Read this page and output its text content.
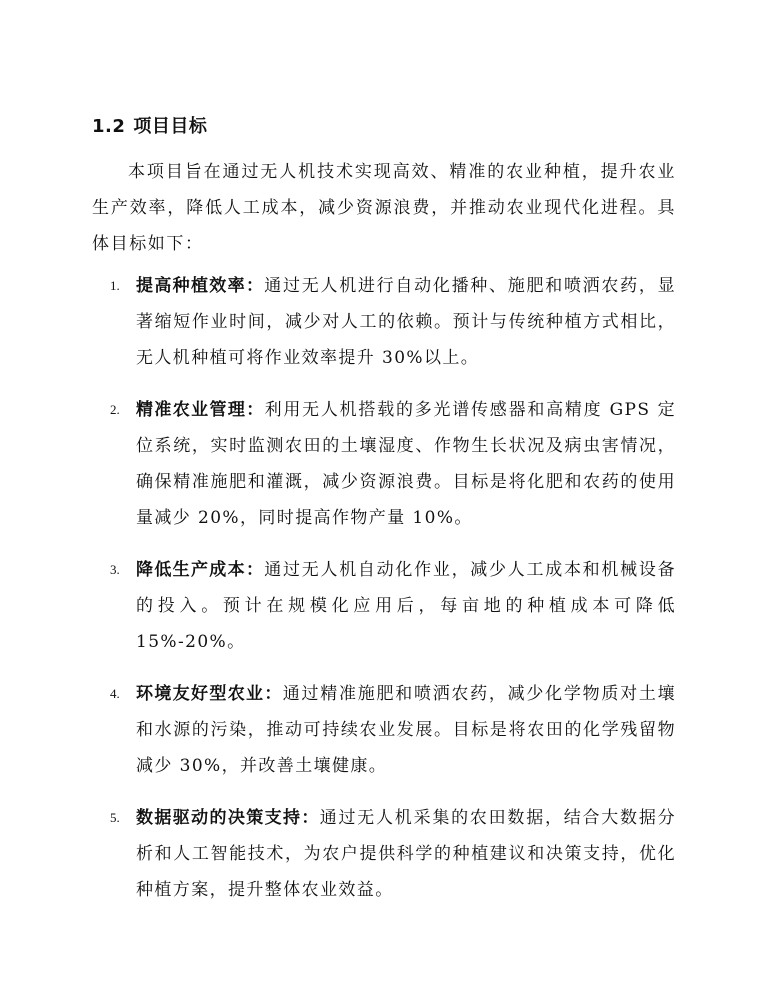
1.2 项目目标

本项目旨在通过无人机技术实现高效、精准的农业种植，提升农业生产效率，降低人工成本，减少资源浪费，并推动农业现代化进程。具体目标如下：

1. 提高种植效率：通过无人机进行自动化播种、施肥和喷洒农药，显著缩短作业时间，减少对人工的依赖。预计与传统种植方式相比，无人机种植可将作业效率提升 30%以上。
2. 精准农业管理：利用无人机搭载的多光谱传感器和高精度 GPS 定位系统，实时监测农田的土壤湿度、作物生长状况及病虫害情况，确保精准施肥和灌溉，减少资源浪费。目标是将化肥和农药的使用量减少 20%，同时提高作物产量 10%。
3. 降低生产成本：通过无人机自动化作业，减少人工成本和机械设备的投入。预计在规模化应用后，每亩地的种植成本可降低 15%-20%。
4. 环境友好型农业：通过精准施肥和喷洒农药，减少化学物质对土壤和水源的污染，推动可持续农业发展。目标是将农田的化学残留物减少 30%，并改善土壤健康。
5. 数据驱动的决策支持：通过无人机采集的农田数据，结合大数据分析和人工智能技术，为农户提供科学的种植建议和决策支持，优化种植方案，提升整体农业效益。
